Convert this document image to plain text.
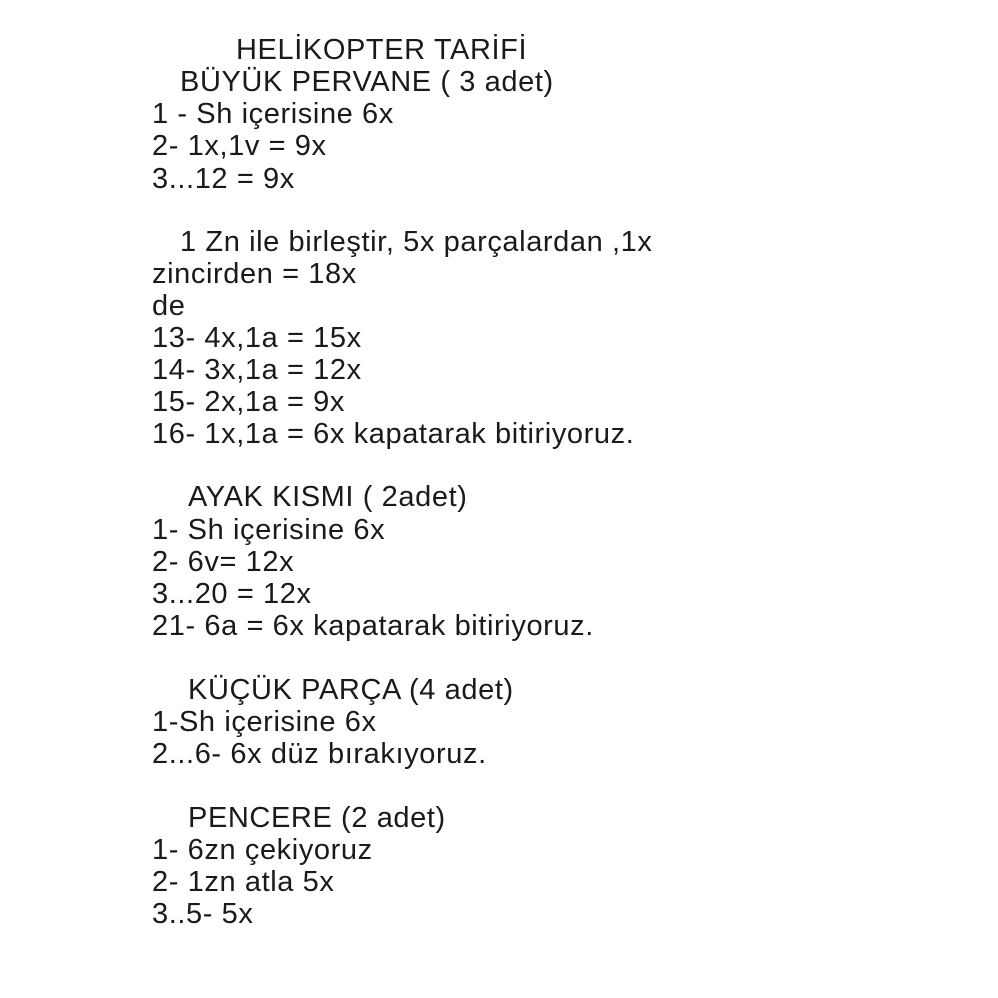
HELİKOPTER TARİFİ
BÜYÜK PERVANE ( 3 adet)
1 - Sh içerisine 6x
2- 1x,1v = 9x
3...12 = 9x
1 Zn ile birleştir, 5x parçalardan ,1x
zincirden = 18x
de
13- 4x,1a = 15x
14- 3x,1a = 12x
15- 2x,1a = 9x
16- 1x,1a = 6x kapatarak bitiriyoruz.
AYAK KISMI ( 2adet)
1- Sh içerisine 6x
2- 6v= 12x
3...20 = 12x
21- 6a = 6x kapatarak bitiriyoruz.
KÜÇÜK PARÇA (4 adet)
1-Sh içerisine 6x
2...6- 6x düz bırakıyoruz.
PENCERE (2 adet)
1- 6zn çekiyoruz
2- 1zn atla 5x
3..5- 5x
